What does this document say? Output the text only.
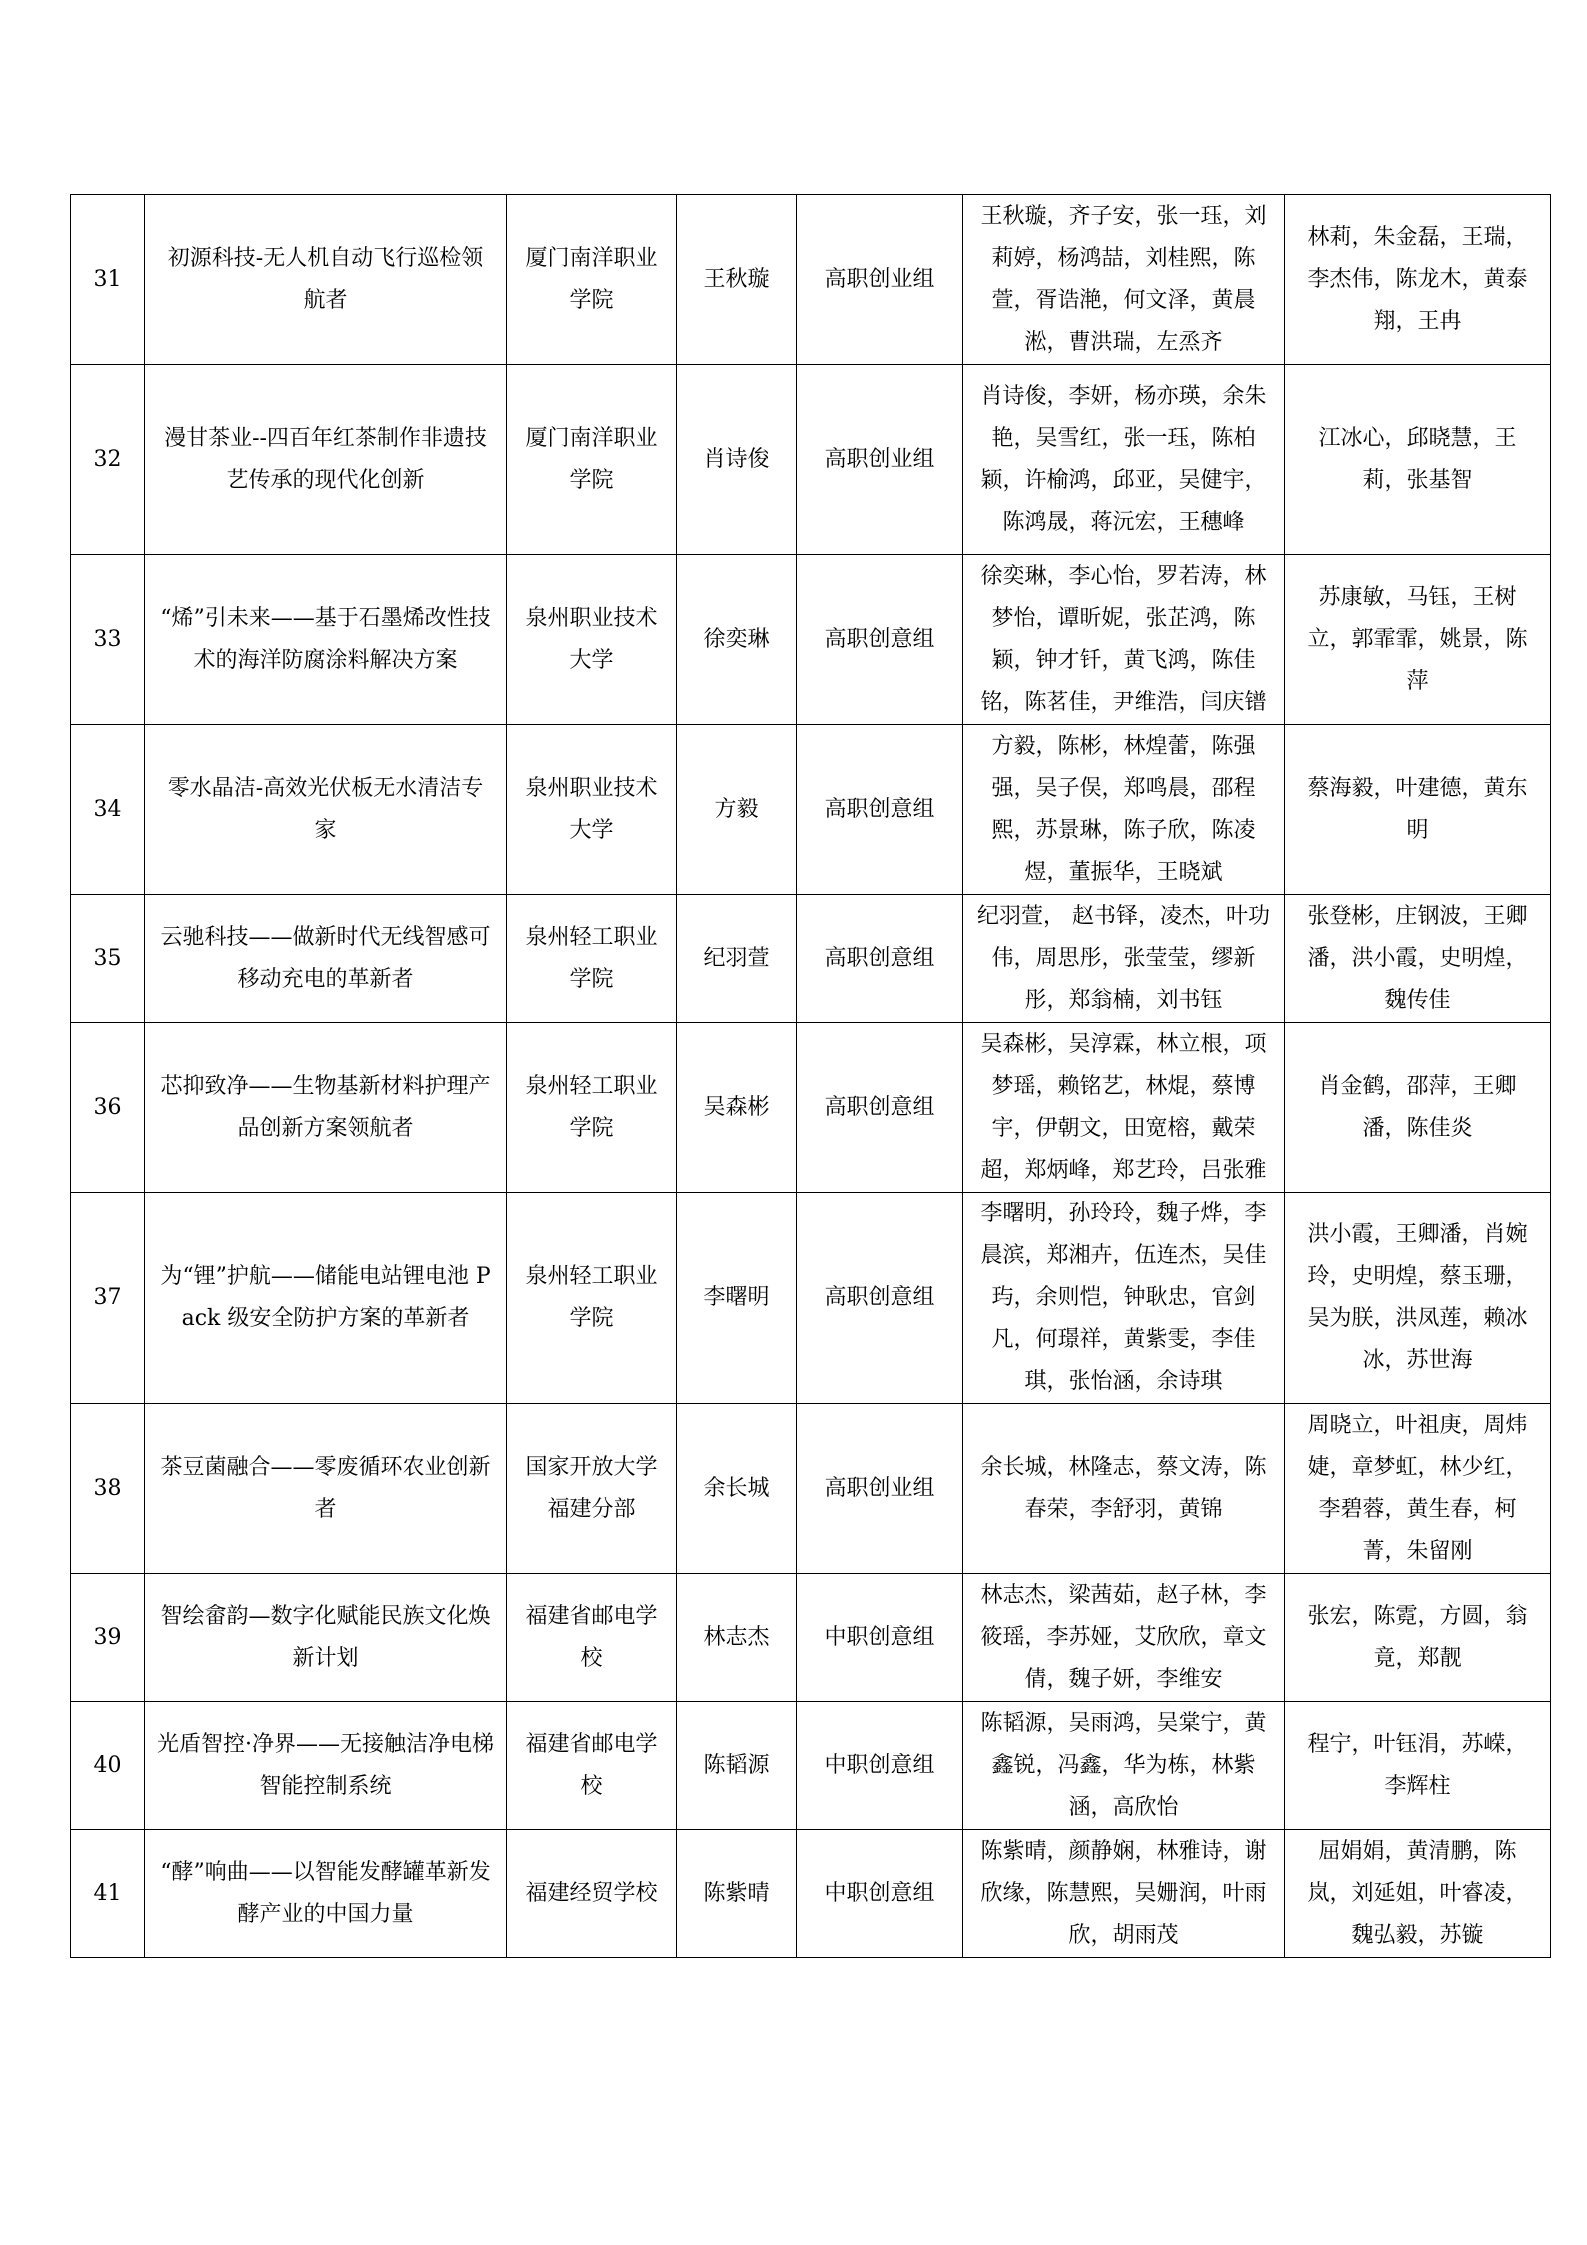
31	初源科技-无人机自动飞行巡检领航者	厦门南洋职业学院	王秋璇	高职创业组	王秋璇，齐子安，张一珏，刘莉婷，杨鸿喆，刘桂熙，陈萱，胥诰滟，何文泽，黄晨淞，曹洪瑞，左烝齐	林莉，朱金磊，王瑞，李杰伟，陈龙木，黄泰翔，王冉
32	漫甘茶业--四百年红茶制作非遗技艺传承的现代化创新	厦门南洋职业学院	肖诗俊	高职创业组	肖诗俊，李妍，杨亦瑛，余朱艳，吴雪红，张一珏，陈柏颖，许榆鸿，邱亚，吴健宇，陈鸿晟，蒋沅宏，王穗峰	江冰心，邱晓慧，王莉，张基智
33	“烯”引未来——基于石墨烯改性技术的海洋防腐涂料解决方案	泉州职业技术大学	徐奕琳	高职创意组	徐奕琳，李心怡，罗若涛，林梦怡，谭昕妮，张芷鸿，陈颖，钟才钎，黄飞鸿，陈佳铭，陈茗佳，尹维浩，闫庆镨	苏康敏，马钰，王树立，郭霏霏，姚景，陈萍
34	零水晶洁-高效光伏板无水清洁专家	泉州职业技术大学	方毅	高职创意组	方毅，陈彬，林煌蕾，陈强强，吴子俣，郑鸣晨，邵程熙，苏景琳，陈子欣，陈凌煜，董振华，王晓斌	蔡海毅，叶建德，黄东明
35	云驰科技——做新时代无线智感可移动充电的革新者	泉州轻工职业学院	纪羽萱	高职创意组	纪羽萱， 赵书铎，凌杰，叶功伟，周思彤，张莹莹，缪新彤，郑翁楠，刘书钰	张登彬，庄钢波，王卿潘，洪小霞，史明煌，魏传佳
36	芯抑致净——生物基新材料护理产品创新方案领航者	泉州轻工职业学院	吴森彬	高职创意组	吴森彬，吴淳霖，林立根，项梦瑶，赖铭艺，林焜，蔡博宇，伊朝文，田宽榕，戴荣超，郑炳峰，郑艺玲，吕张雅	肖金鹤，邵萍，王卿潘，陈佳炎
37	为“锂”护航——储能电站锂电池 Pack 级安全防护方案的革新者	泉州轻工职业学院	李曙明	高职创意组	李曙明，孙玲玲，魏子烨，李晨滨，郑湘卉，伍连杰，吴佳玙，余则恺，钟耿忠，官剑凡，何璟祥，黄紫雯，李佳琪，张怡涵，余诗琪	洪小霞，王卿潘，肖婉玲，史明煌，蔡玉珊，吴为朕，洪凤莲，赖冰冰，苏世海
38	茶豆菌融合——零废循环农业创新者	国家开放大学福建分部	余长城	高职创业组	余长城，林隆志，蔡文涛，陈春荣，李舒羽，黄锦	周晓立，叶祖庚，周炜婕，章梦虹，林少红，李碧蓉，黄生春，柯菁，朱留刚
39	智绘畲韵—数字化赋能民族文化焕新计划	福建省邮电学校	林志杰	中职创意组	林志杰，梁茜茹，赵子林，李筱瑶，李苏娅，艾欣欣，章文倩，魏子妍，李维安	张宏，陈霓，方圆，翁竟，郑靓
40	光盾智控·净界——无接触洁净电梯智能控制系统	福建省邮电学校	陈韬源	中职创意组	陈韬源，吴雨鸿，吴棠宁，黄鑫锐，冯鑫，华为栋，林紫涵，高欣怡	程宁，叶钰涓，苏嵘，李辉柱
41	“酵”响曲——以智能发酵罐革新发酵产业的中国力量	福建经贸学校	陈紫晴	中职创意组	陈紫晴，颜静娴，林雅诗，谢欣缘，陈慧熙，吴姗润，叶雨欣，胡雨茂	屈娟娟，黄清鹏，陈岚，刘延姐，叶睿凌，魏弘毅，苏镟
